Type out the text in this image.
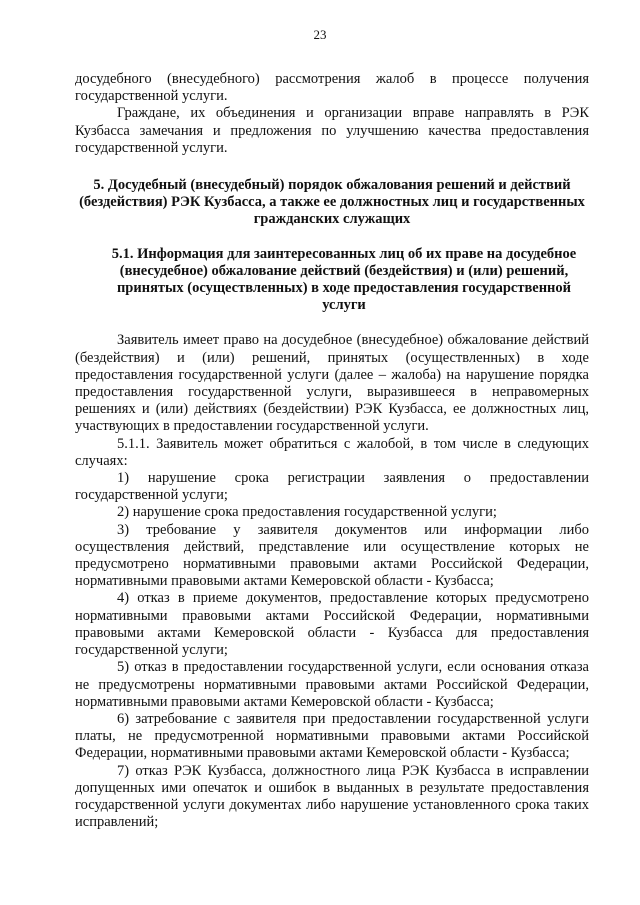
23

досудебного (внесудебного) рассмотрения жалоб в процессе получения государственной услуги.

Граждане, их объединения и организации вправе направлять в РЭК Кузбасса замечания и предложения по улучшению качества предоставления государственной услуги.

5. Досудебный (внесудебный) порядок обжалования решений и действий (бездействия) РЭК Кузбасса, а также ее должностных лиц и государственных гражданских служащих
5.1. Информация для заинтересованных лиц об их праве на досудебное (внесудебное) обжалование действий (бездействия) и (или) решений, принятых (осуществленных) в ходе предоставления государственной услуги

Заявитель имеет право на досудебное (внесудебное) обжалование действий (бездействия) и (или) решений, принятых (осуществленных) в ходе предоставления государственной услуги (далее – жалоба) на нарушение порядка предоставления государственной услуги, выразившееся в неправомерных решениях и (или) действиях (бездействии) РЭК Кузбасса, ее должностных лиц, участвующих в предоставлении государственной услуги.

5.1.1. Заявитель может обратиться с жалобой, в том числе в следующих случаях:

1) нарушение срока регистрации заявления о предоставлении государственной услуги;

2) нарушение срока предоставления государственной услуги;

3) требование у заявителя документов или информации либо осуществления действий, представление или осуществление которых не предусмотрено нормативными правовыми актами Российской Федерации, нормативными правовыми актами Кемеровской области - Кузбасса;

4) отказ в приеме документов, предоставление которых предусмотрено нормативными правовыми актами Российской Федерации, нормативными правовыми актами Кемеровской области - Кузбасса для предоставления государственной услуги;

5) отказ в предоставлении государственной услуги, если основания отказа не предусмотрены нормативными правовыми актами Российской Федерации, нормативными правовыми актами Кемеровской области - Кузбасса;

6) затребование с заявителя при предоставлении государственной услуги платы, не предусмотренной нормативными правовыми актами Российской Федерации, нормативными правовыми актами Кемеровской области - Кузбасса;

7) отказ РЭК Кузбасса, должностного лица РЭК Кузбасса в исправлении допущенных ими опечаток и ошибок в выданных в результате предоставления государственной услуги документах либо нарушение установленного срока таких исправлений;
